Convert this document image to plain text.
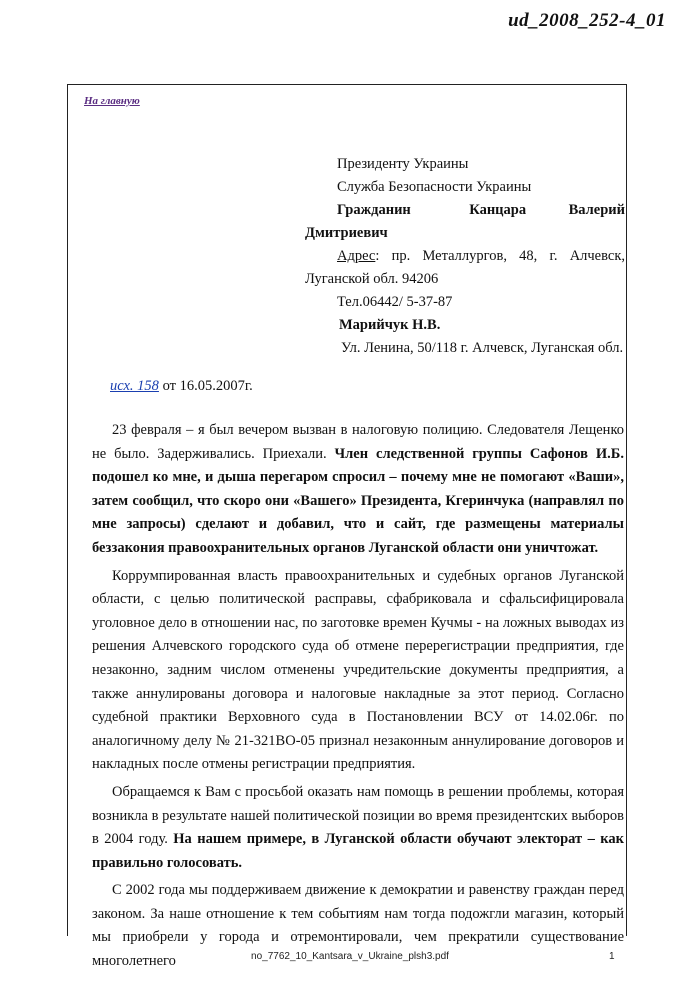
ud_2008_252-4_01
На главную

Президенту Украины

Служба Безопасности Украины

Гражданин           Канцара        Валерий

Дмитриевич

Адрес: пр. Металлургов, 48, г. Алчевск,

Луганской обл. 94206

Тел.06442/ 5-37-87

Марийчук Н.В.

Ул. Ленина, 50/118 г. Алчевск, Луганская обл.

исх. 158 от 16.05.2007г.

23 февраля – я был вечером вызван в налоговую полицию. Следователя Лещенко не было. Задерживались. Приехали. Член следственной группы Сафонов И.Б. подошел ко мне, и дыша перегаром спросил – почему мне не помогают «Ваши», затем сообщил, что скоро они «Вашего» Президента, Кгеринчука (направлял по мне запросы) сделают и добавил, что и сайт, где размещены материалы беззакония правоохранительных органов Луганской области они уничтожат.

Коррумпированная власть правоохранительных и судебных органов Луганской области, с целью политической расправы, сфабриковала и сфальсифицировала уголовное дело в отношении нас, по заготовке времен Кучмы - на ложных выводах из решения Алчевского городского суда об отмене перерегистрации предприятия, где незаконно, задним числом отменены учредительские документы предприятия, а также аннулированы договора и налоговые накладные за этот период. Согласно судебной практики Верховного суда в Постановлении ВСУ от 14.02.06г. по аналогичному делу № 21-321ВО-05 признал незаконным аннулирование договоров и накладных после отмены регистрации предприятия.

Обращаемся к Вам с просьбой оказать нам помощь в решении проблемы, которая возникла в результате нашей политической позиции во время президентских выборов в 2004 году. На нашем примере, в Луганской области обучают электорат – как правильно голосовать.

С 2002 года мы поддерживаем движение к демократии и равенству граждан перед законом. За наше отношение к тем событиям нам тогда подожгли магазин, который мы приобрели у города и отремонтировали, чем прекратили существование многолетнего	no_7762_10_Kantsara_v_Ukraine_plsh3.pdf	1
